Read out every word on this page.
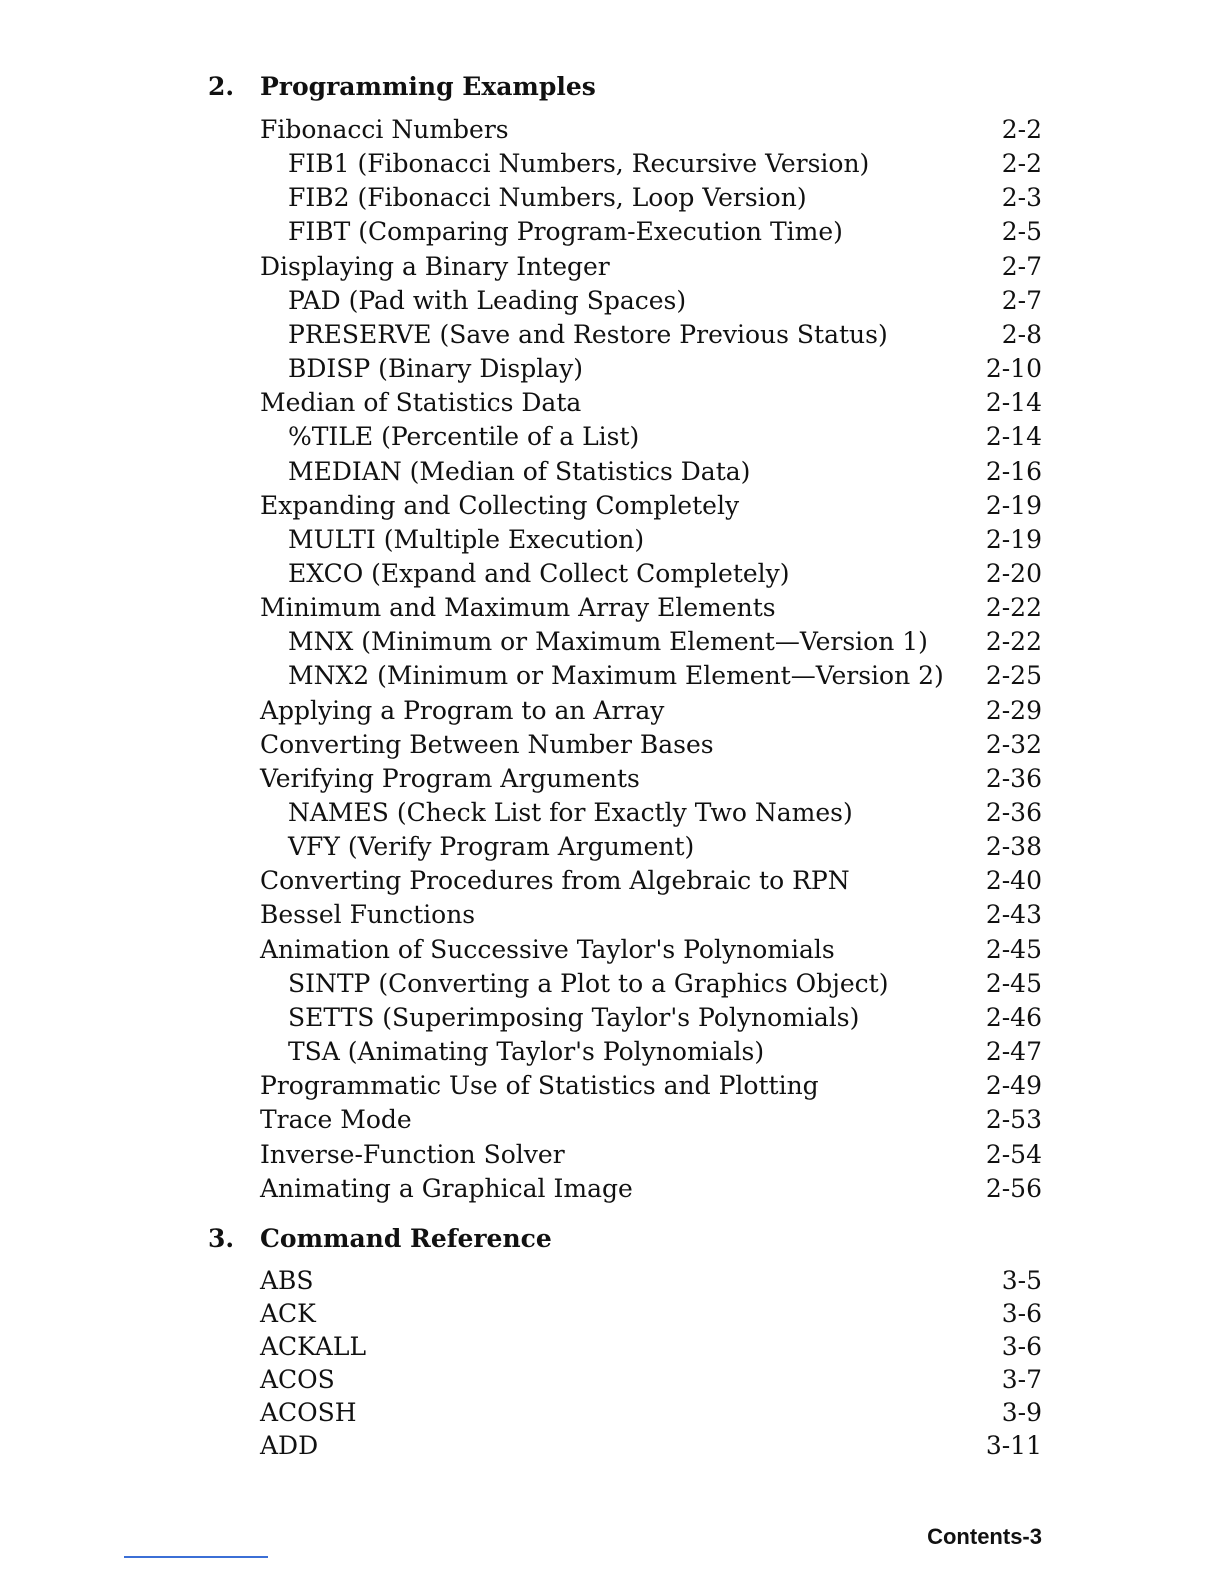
2. Programming Examples
Fibonacci Numbers	2-2
FIB1 (Fibonacci Numbers, Recursive Version)	2-2
FIB2 (Fibonacci Numbers, Loop Version)	2-3
FIBT (Comparing Program-Execution Time)	2-5
Displaying a Binary Integer	2-7
PAD (Pad with Leading Spaces)	2-7
PRESERVE (Save and Restore Previous Status)	2-8
BDISP (Binary Display)	2-10
Median of Statistics Data	2-14
%TILE (Percentile of a List)	2-14
MEDIAN (Median of Statistics Data)	2-16
Expanding and Collecting Completely	2-19
MULTI (Multiple Execution)	2-19
EXCO (Expand and Collect Completely)	2-20
Minimum and Maximum Array Elements	2-22
MNX (Minimum or Maximum Element—Version 1)	2-22
MNX2 (Minimum or Maximum Element—Version 2)	2-25
Applying a Program to an Array	2-29
Converting Between Number Bases	2-32
Verifying Program Arguments	2-36
NAMES (Check List for Exactly Two Names)	2-36
VFY (Verify Program Argument)	2-38
Converting Procedures from Algebraic to RPN	2-40
Bessel Functions	2-43
Animation of Successive Taylor's Polynomials	2-45
SINTP (Converting a Plot to a Graphics Object)	2-45
SETTS (Superimposing Taylor's Polynomials)	2-46
TSA (Animating Taylor's Polynomials)	2-47
Programmatic Use of Statistics and Plotting	2-49
Trace Mode	2-53
Inverse-Function Solver	2-54
Animating a Graphical Image	2-56
3. Command Reference
ABS	3-5
ACK	3-6
ACKALL	3-6
ACOS	3-7
ACOSH	3-9
ADD	3-11
Contents-3
